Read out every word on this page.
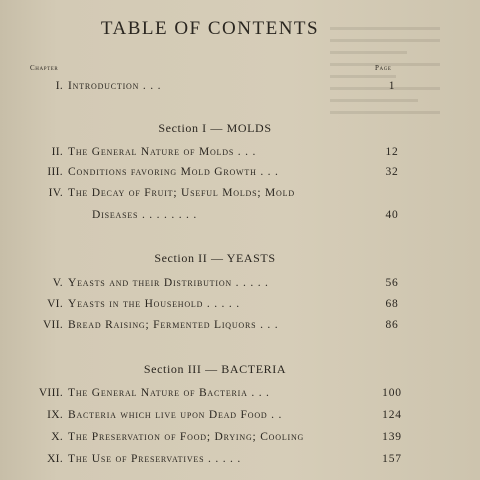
TABLE OF CONTENTS
Chapter	Page
I. Introduction . . .	1
Section I — MOLDS
II. The General Nature of Molds . . .	12
III. Conditions favoring Mold Growth . . .	32
IV. The Decay of Fruit; Useful Molds; Mold
Diseases . . . . . . . .	40
Section II — YEASTS
V. Yeasts and their Distribution . . . . .	56
VI. Yeasts in the Household . . . . .	68
VII. Bread Raising; Fermented Liquors . . .	86
Section III — BACTERIA
VIII. The General Nature of Bacteria . . .	100
IX. Bacteria which live upon Dead Food . .	124
X. The Preservation of Food; Drying; Cooling	139
XI. The Use of Preservatives . . . . .	157
